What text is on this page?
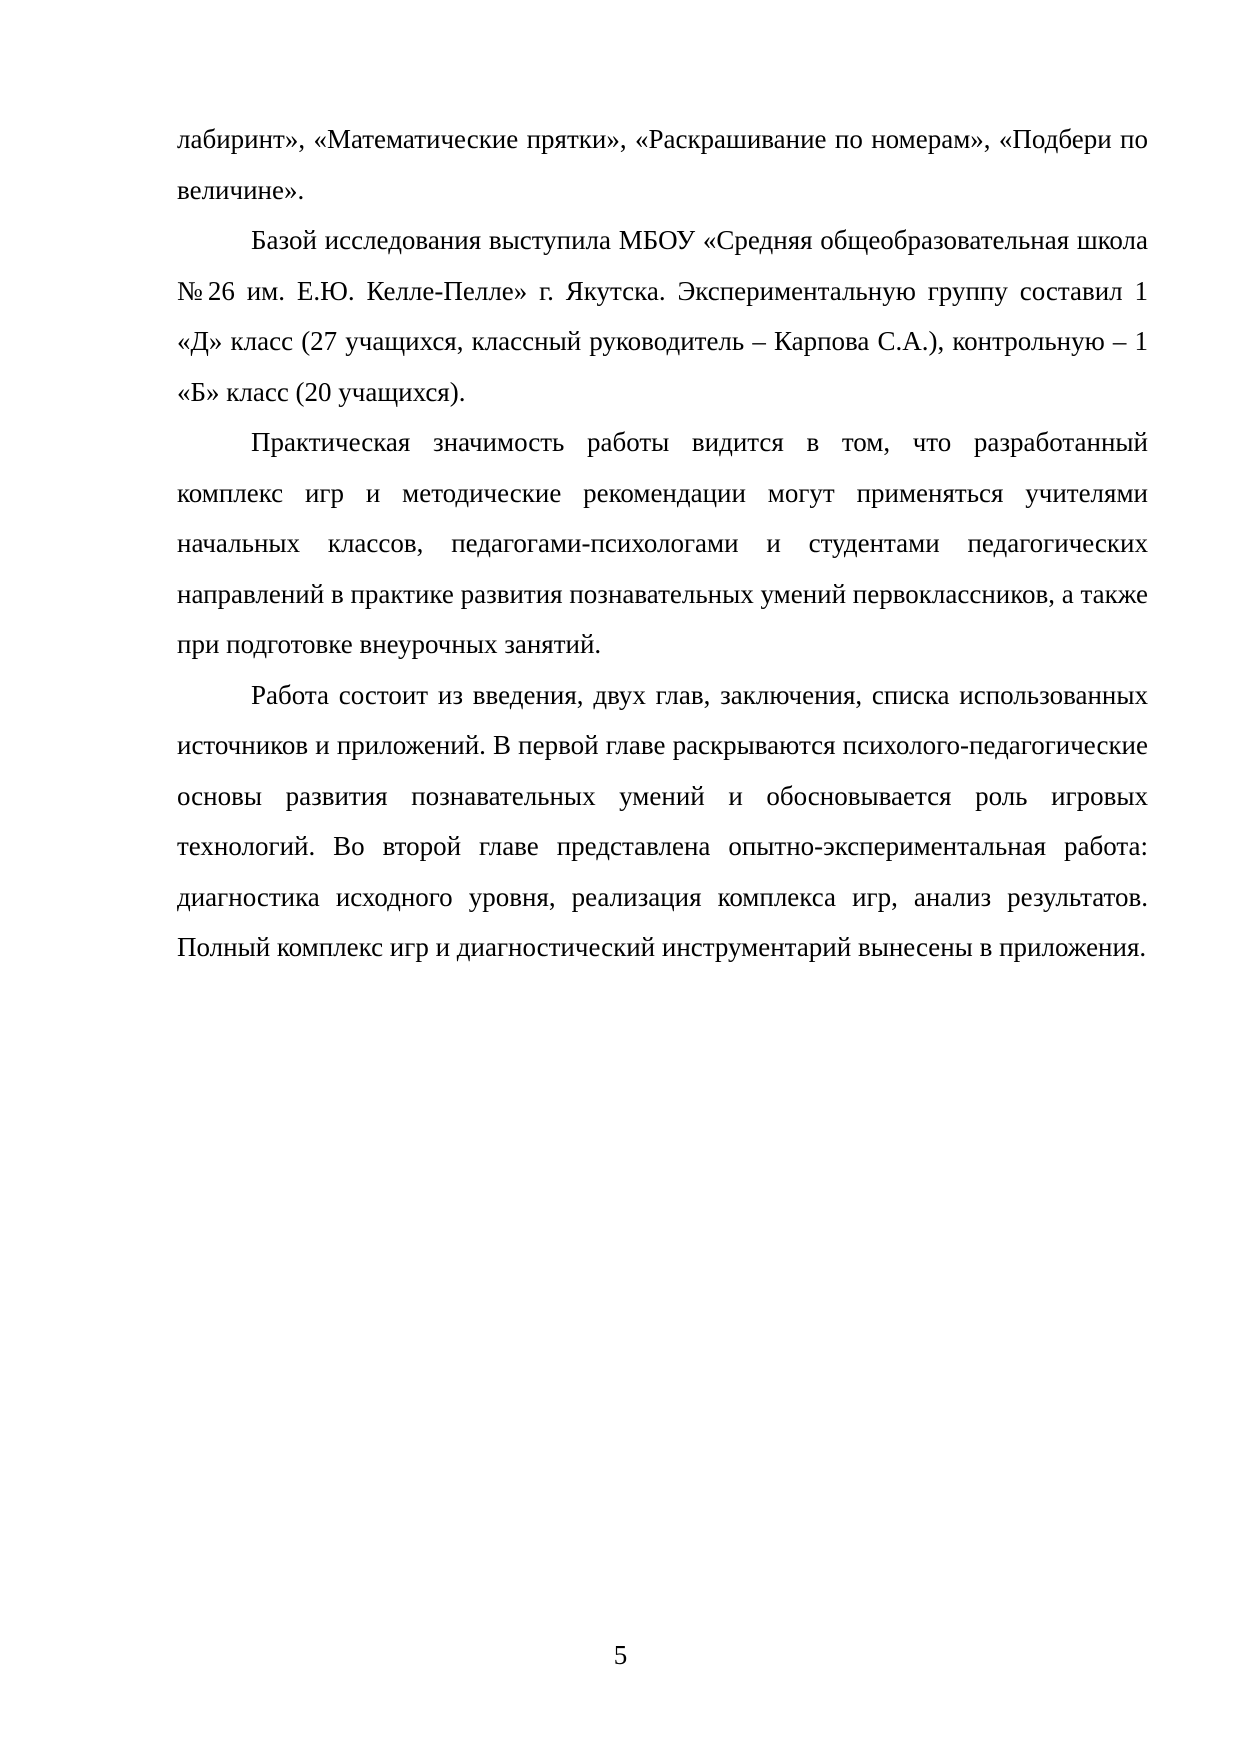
лабиринт», «Математические прятки», «Раскрашивание по номерам», «Подбери по величине».

Базой исследования выступила МБОУ «Средняя общеобразовательная школа №26 им. Е.Ю. Келле-Пелле» г. Якутска. Экспериментальную группу составил 1 «Д» класс (27 учащихся, классный руководитель – Карпова С.А.), контрольную – 1 «Б» класс (20 учащихся).

Практическая значимость работы видится в том, что разработанный комплекс игр и методические рекомендации могут применяться учителями начальных классов, педагогами-психологами и студентами педагогических направлений в практике развития познавательных умений первоклассников, а также при подготовке внеурочных занятий.

Работа состоит из введения, двух глав, заключения, списка использованных источников и приложений. В первой главе раскрываются психолого-педагогические основы развития познавательных умений и обосновывается роль игровых технологий. Во второй главе представлена опытно-экспериментальная работа: диагностика исходного уровня, реализация комплекса игр, анализ результатов. Полный комплекс игр и диагностический инструментарий вынесены в приложения.

5
